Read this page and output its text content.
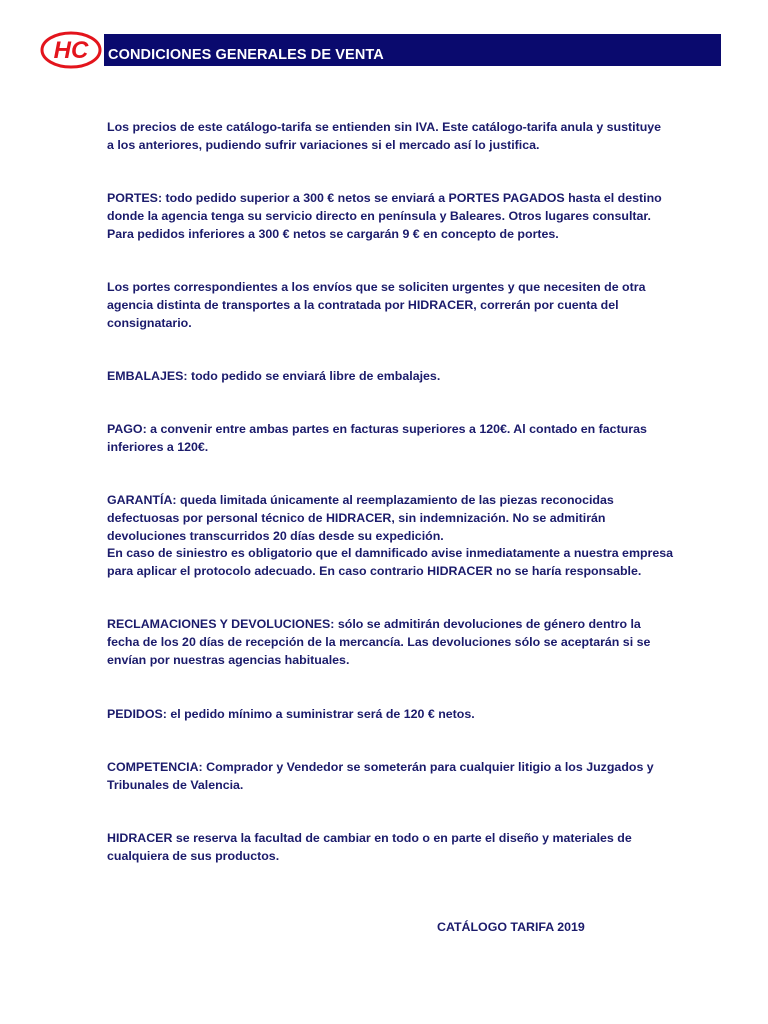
HC CONDICIONES GENERALES DE VENTA
Los precios de este catálogo-tarifa se entienden sin IVA. Este catálogo-tarifa anula y sustituye
a los anteriores, pudiendo sufrir variaciones si el mercado así lo justifica.
PORTES: todo pedido superior a 300 € netos se enviará a PORTES PAGADOS hasta el destino
donde la agencia tenga su servicio directo en península y Baleares. Otros lugares consultar.
Para pedidos inferiores a 300 € netos se cargarán 9 € en concepto de portes.
Los portes correspondientes a los envíos que se soliciten urgentes y que necesiten de otra
agencia distinta de transportes a la contratada por HIDRACER, correrán por cuenta del
consignatario.
EMBALAJES: todo pedido se enviará libre de embalajes.
PAGO: a convenir entre ambas partes en facturas superiores a 120€. Al contado en facturas
inferiores a 120€.
GARANTÍA: queda limitada únicamente al reemplazamiento de las piezas reconocidas
defectuosas por personal técnico de HIDRACER, sin indemnización. No se admitirán
devoluciones transcurridos 20 días desde su expedición.
En caso de siniestro es obligatorio que el damnificado avise inmediatamente a nuestra empresa
para aplicar el protocolo adecuado. En caso contrario HIDRACER no se haría responsable.
RECLAMACIONES Y DEVOLUCIONES: sólo se admitirán devoluciones de género dentro la
fecha de los 20 días de recepción de la mercancía. Las devoluciones sólo se aceptarán si se
envían por nuestras agencias habituales.
PEDIDOS: el pedido mínimo a suministrar será de 120 € netos.
COMPETENCIA: Comprador y Vendedor se someterán para cualquier litigio a los Juzgados y
Tribunales de Valencia.
HIDRACER se reserva la facultad de cambiar en todo o en parte el diseño y materiales de
cualquiera de sus productos.
CATÁLOGO TARIFA 2019
